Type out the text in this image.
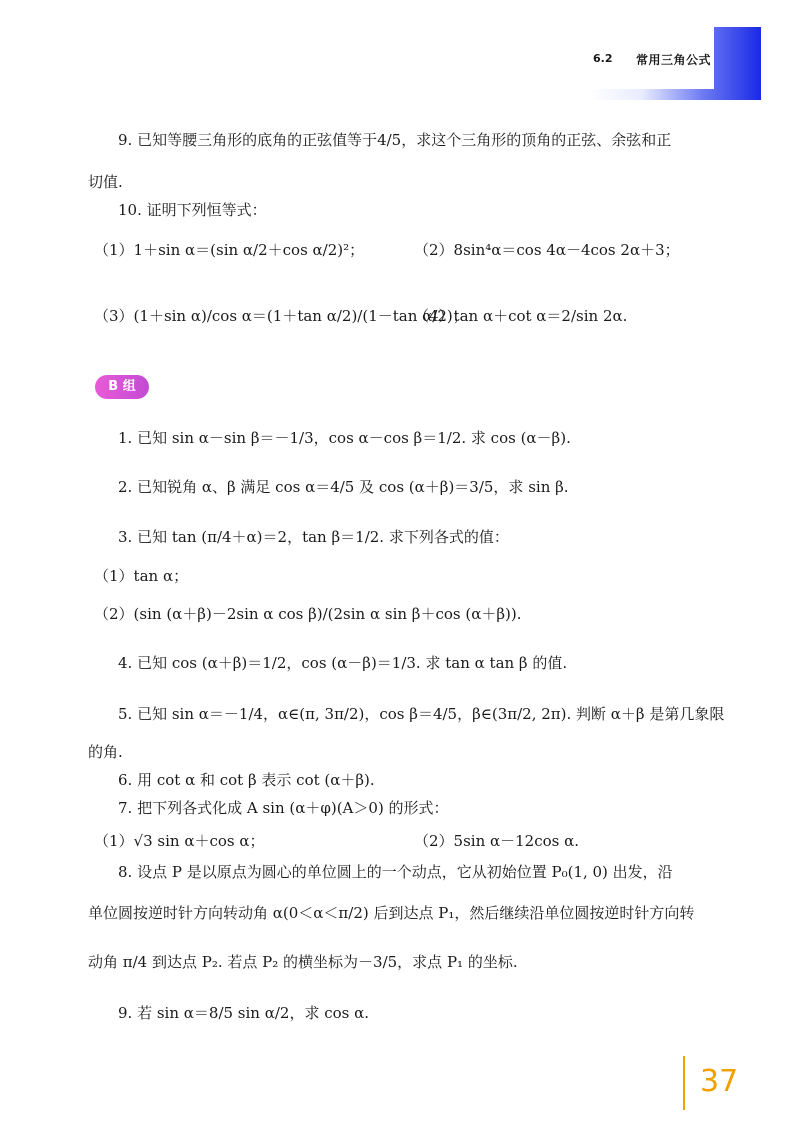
6.2 常用三角公式
9. 已知等腰三角形的底角的正弦值等于4/5，求这个三角形的顶角的正弦、余弦和正
切值.
10. 证明下列恒等式：
（1）1＋sin α＝(sin α/2＋cos α/2)²；	（2）8sin⁴α＝cos 4α－4cos 2α＋3；
（3）(1＋sin α)/cos α＝(1＋tan α/2)/(1－tan α/2)；
（4）tan α＋cot α＝2/sin 2α.
B 组
1. 已知 sin α－sin β＝－1/3，cos α－cos β＝1/2. 求 cos (α－β).
2. 已知锐角 α、β 满足 cos α＝4/5 及 cos (α＋β)＝3/5，求 sin β.
3. 已知 tan (π/4＋α)＝2，tan β＝1/2. 求下列各式的值：
（1）tan α；
（2）(sin (α＋β)－2sin α cos β)/(2sin α sin β＋cos (α＋β)).
4. 已知 cos (α＋β)＝1/2，cos (α－β)＝1/3. 求 tan α tan β 的值.
5. 已知 sin α＝－1/4，α∈(π, 3π/2)，cos β＝4/5，β∈(3π/2, 2π). 判断 α＋β 是第几象限
的角.
6. 用 cot α 和 cot β 表示 cot (α＋β).
7. 把下列各式化成 A sin (α＋φ)(A＞0) 的形式：
（1）√3 sin α＋cos α；	（2）5sin α－12cos α.
8. 设点 P 是以原点为圆心的单位圆上的一个动点，它从初始位置 P₀(1, 0) 出发，沿
单位圆按逆时针方向转动角 α(0＜α＜π/2) 后到达点 P₁，然后继续沿单位圆按逆时针方向转
动角 π/4 到达点 P₂. 若点 P₂ 的横坐标为－3/5，求点 P₁ 的坐标.
9. 若 sin α＝8/5 sin α/2，求 cos α.
37
